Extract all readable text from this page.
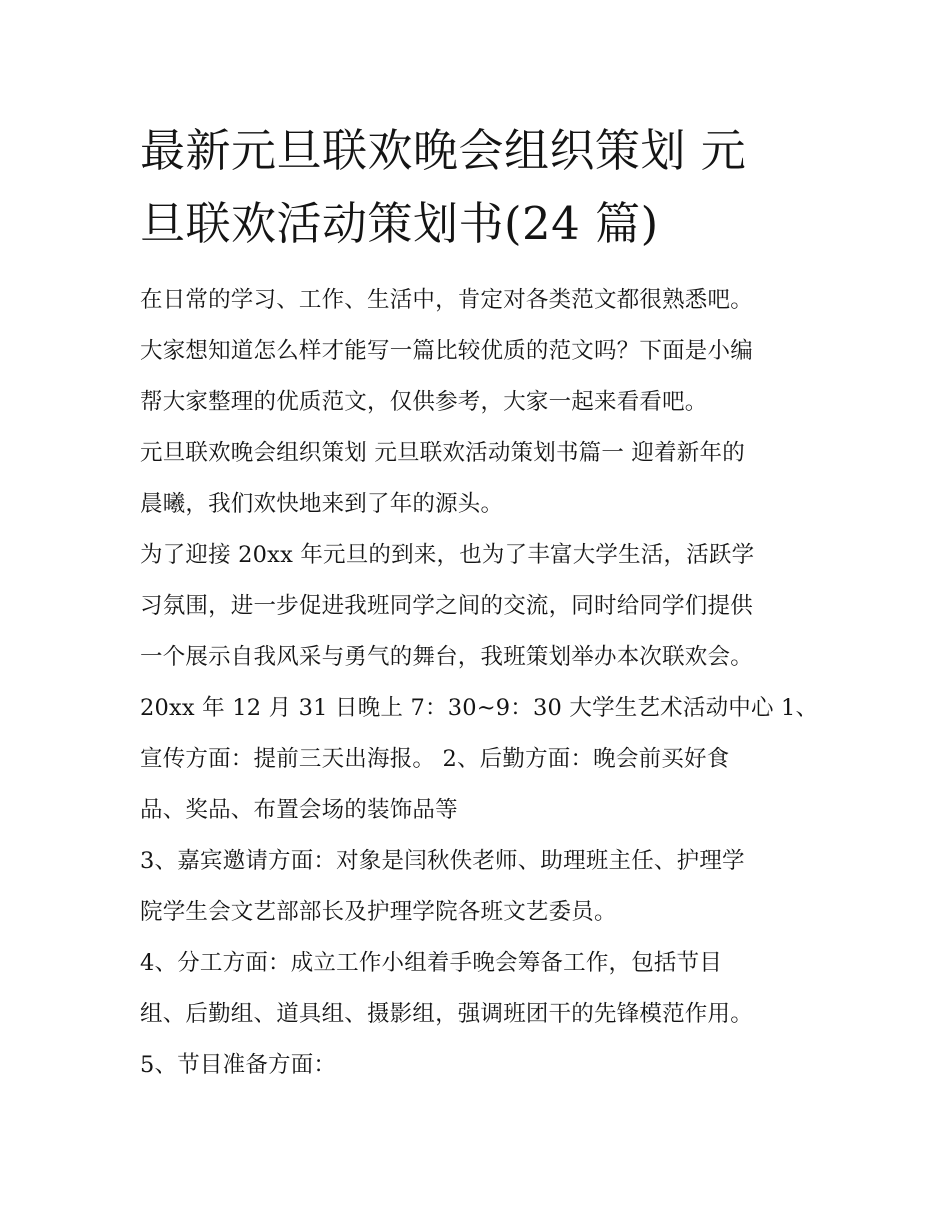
最新元旦联欢晚会组织策划 元
旦联欢活动策划书(24 篇)
在日常的学习、工作、生活中，肯定对各类范文都很熟悉吧。
大家想知道怎么样才能写一篇比较优质的范文吗？下面是小编
帮大家整理的优质范文，仅供参考，大家一起来看看吧。
元旦联欢晚会组织策划 元旦联欢活动策划书篇一 迎着新年的
晨曦，我们欢快地来到了年的源头。
为了迎接 20xx 年元旦的到来，也为了丰富大学生活，活跃学
习氛围，进一步促进我班同学之间的交流，同时给同学们提供
一个展示自我风采与勇气的舞台，我班策划举办本次联欢会。
20xx 年 12 月 31 日晚上 7：30~9：30 大学生艺术活动中心 1、
宣传方面：提前三天出海报。 2、后勤方面：晚会前买好食
品、奖品、布置会场的装饰品等
3、嘉宾邀请方面：对象是闫秋佚老师、助理班主任、护理学
院学生会文艺部部长及护理学院各班文艺委员。
4、分工方面：成立工作小组着手晚会筹备工作，包括节目
组、后勤组、道具组、摄影组，强调班团干的先锋模范作用。
5、节目准备方面：
